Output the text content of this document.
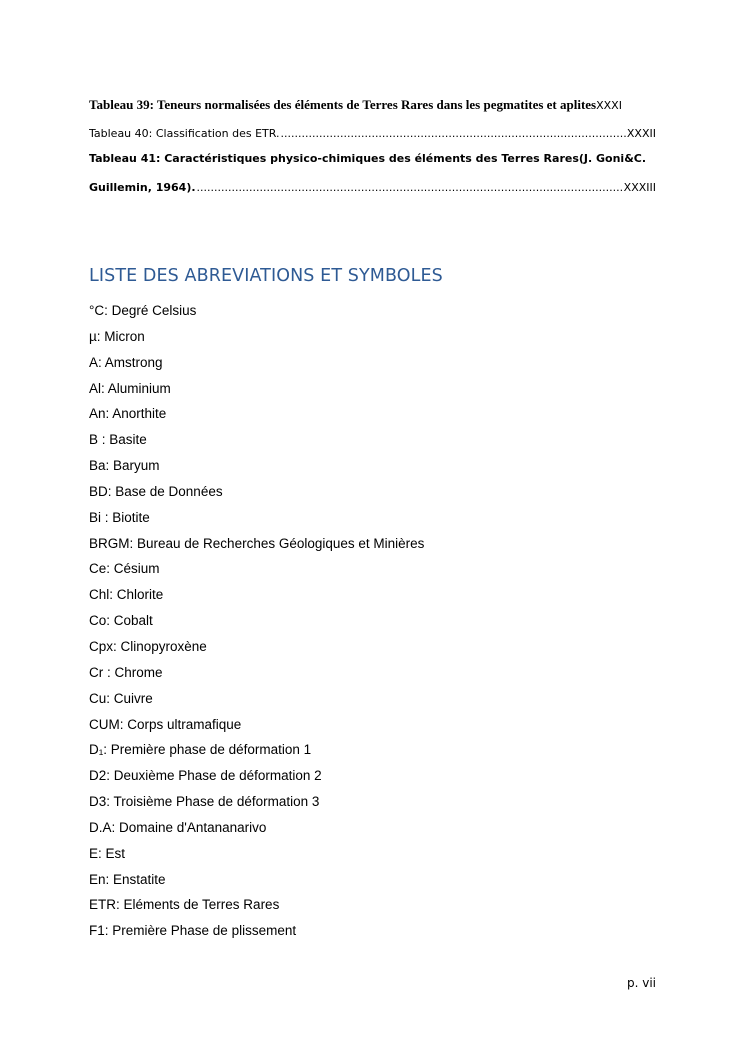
Tableau 39: Teneurs normalisées des éléments de Terres Rares dans les pegmatites et aplites XXXI
Tableau 40: Classification des ETR. .....	XXXII
Tableau 41: Caractéristiques physico-chimiques des éléments des Terres Rares(J. Goni&C.
Guillemin, 1964). .....	XXXIII
LISTE DES ABREVIATIONS ET SYMBOLES
°C: Degré Celsius
µ: Micron
A: Amstrong
Al: Aluminium
An: Anorthite
B : Basite
Ba: Baryum
BD: Base de Données
Bi : Biotite
BRGM: Bureau de Recherches Géologiques et Minières
Ce: Césium
Chl: Chlorite
Co: Cobalt
Cpx: Clinopyroxène
Cr : Chrome
Cu: Cuivre
CUM: Corps ultramafique
D₁: Première phase de déformation 1
D2: Deuxième Phase de déformation 2
D3: Troisième Phase de déformation 3
D.A: Domaine d'Antananarivo
E: Est
En: Enstatite
ETR: Eléments de Terres Rares
F1: Première Phase de plissement
p. vii
